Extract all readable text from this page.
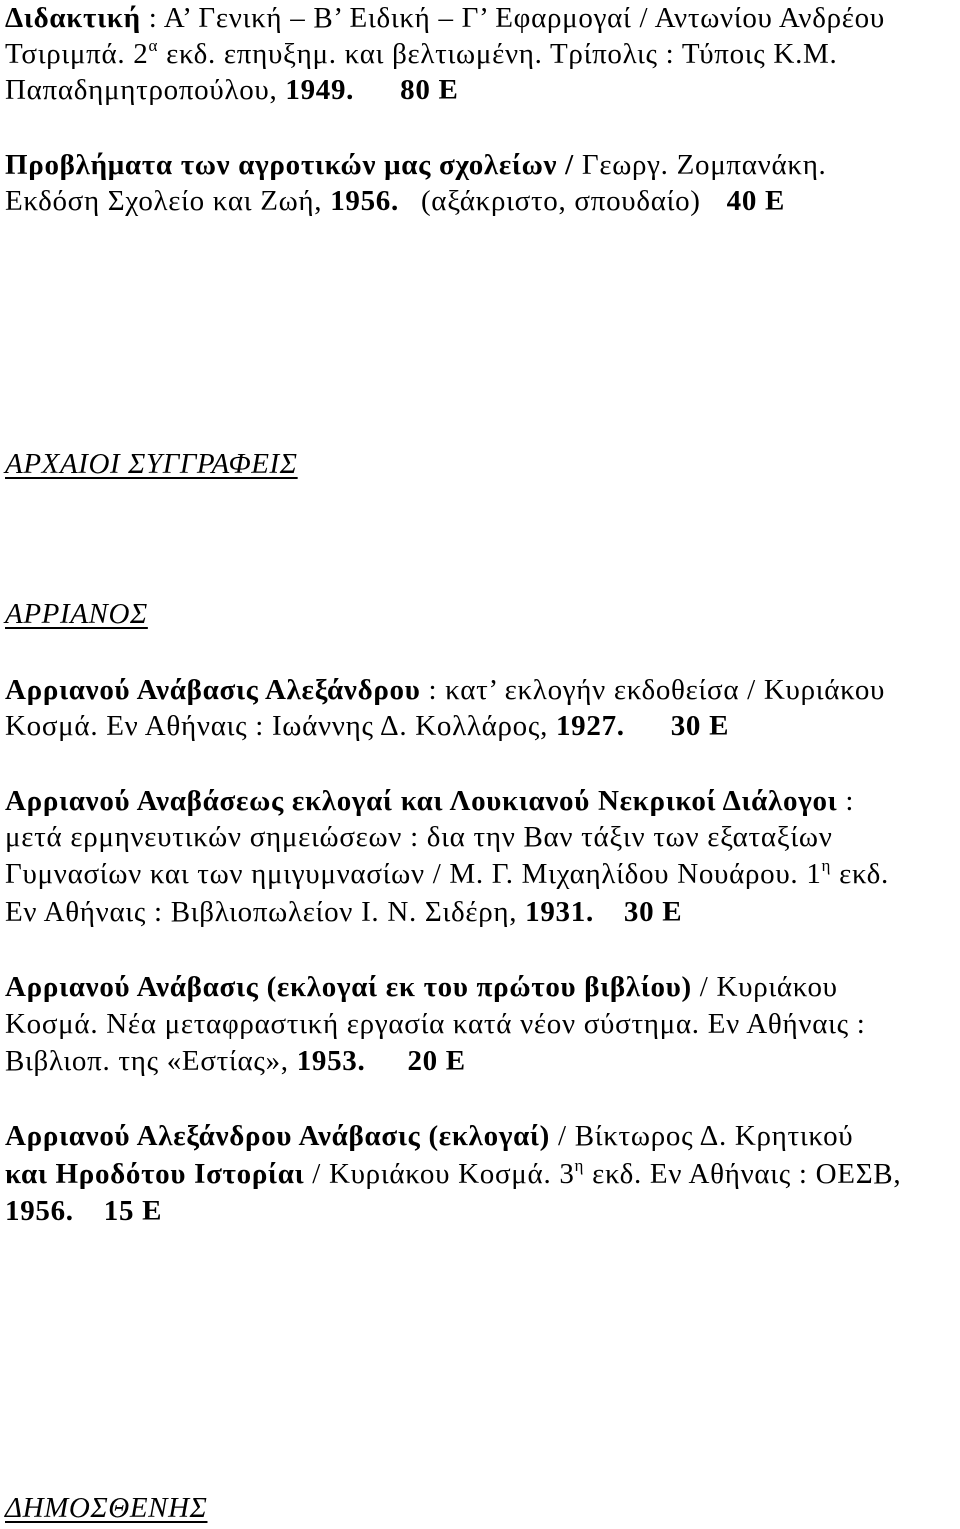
Διδακτική : Α’ Γενική – Β’ Ειδική – Γ’ Εφαρμογαί / Αντωνίου Ανδρέου
Τσιριμπά. $2^\alpha$ εκδ. επηυξημ. και βελτιωμένη. Τρίπολις : Τύποις Κ.Μ.
Παπαδημητροπούλου, 1949. 80 Ε
Προβλήματα των αγροτικών μας σχολείων / Γεωργ. Ζομπανάκη.
Εκδόση Σχολείο και Ζωή, 1956. (αξάκριστο, σπουδαίο) 40 Ε
ΑΡΧΑΙΟΙ ΣΥΓΓΡΑΦΕΙΣ
ΑΡΡΙΑΝΟΣ
Αρριανού Ανάβασις Αλεξάνδρου : κατ’ εκλογήν εκδοθείσα / Κυριάκου
Κοσμά. Εν Αθήναις : Ιωάννης Δ. Κολλάρος, 1927. 30 Ε
Αρριανού Αναβάσεως εκλογαί και Λουκιανού Νεκρικοί Διάλογοι :
μετά ερμηνευτικών σημειώσεων : δια την Βαν τάξιν των εξαταξίων
Γυμνασίων και των ημιγυμνασίων / Μ. Γ. Μιχαηλίδου Νουάρου. $1^\eta$ εκδ.
Εν Αθήναις : Βιβλιοπωλείον Ι. Ν. Σιδέρη, 1931. 30 Ε
Αρριανού Ανάβασις (εκλογαί εκ του πρώτου βιβλίου) / Κυριάκου
Κοσμά. Νέα μεταφραστική εργασία κατά νέον σύστημα. Εν Αθήναις :
Βιβλιοπ. της «Εστίας», 1953. 20 Ε
Αρριανού Αλεξάνδρου Ανάβασις (εκλογαί) / Βίκτωρος Δ. Κρητικού
και Ηροδότου Ιστορίαι / Κυριάκου Κοσμά. $3^\eta$ εκδ. Εν Αθήναις : ΟΕΣΒ,
1956. 15 Ε
ΔΗΜΟΣΘΕΝΗΣ
